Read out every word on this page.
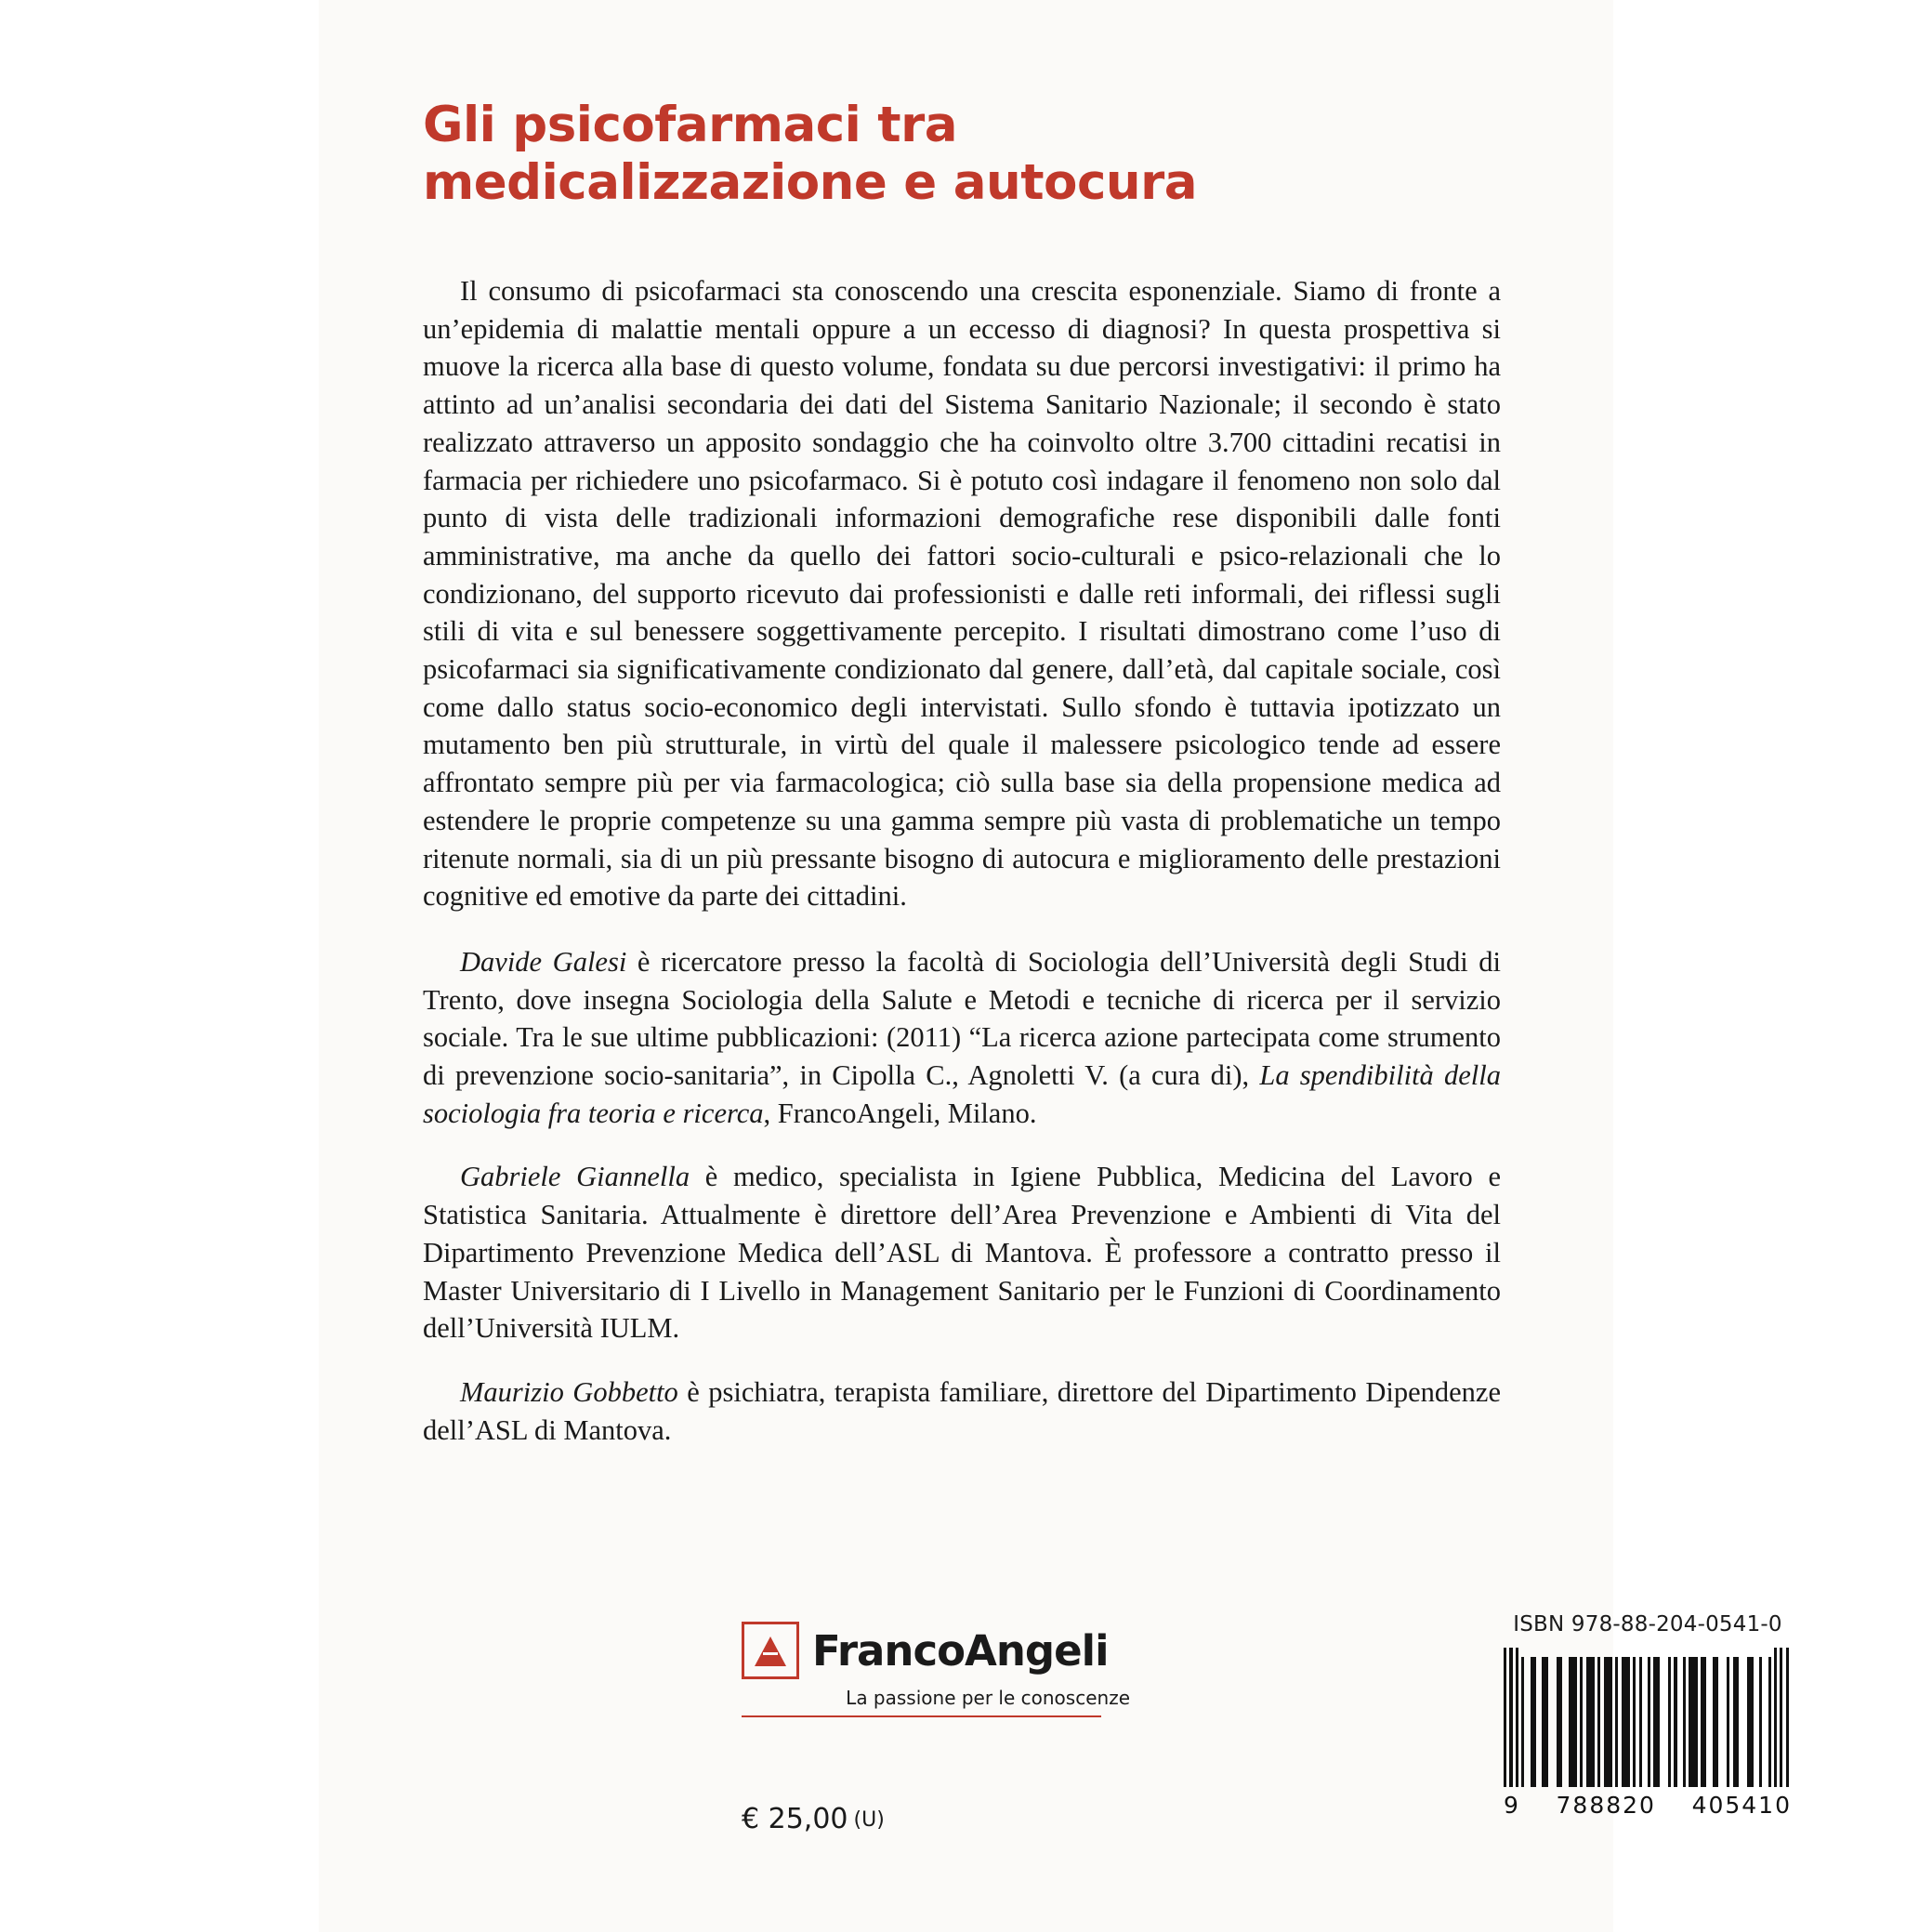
Gli psicofarmaci tra medicalizzazione e autocura

Il consumo di psicofarmaci sta conoscendo una crescita esponenziale. Siamo di fronte a un’epidemia di malattie mentali oppure a un eccesso di diagnosi? In questa prospettiva si muove la ricerca alla base di questo volume, fondata su due percorsi investigativi: il primo ha attinto ad un’analisi secondaria dei dati del Sistema Sanitario Nazionale; il secondo è stato realizzato attraverso un apposito sondaggio che ha coinvolto oltre 3.700 cittadini recatisi in farmacia per richiedere uno psicofarmaco. Si è potuto così indagare il fenomeno non solo dal punto di vista delle tradizionali informazioni demografiche rese disponibili dalle fonti amministrative, ma anche da quello dei fattori socio-culturali e psico-relazionali che lo condizionano, del supporto ricevuto dai professionisti e dalle reti informali, dei riflessi sugli stili di vita e sul benessere soggettivamente percepito. I risultati dimostrano come l’uso di psicofarmaci sia significativamente condizionato dal genere, dall’età, dal capitale sociale, così come dallo status socio-economico degli intervistati. Sullo sfondo è tuttavia ipotizzato un mutamento ben più strutturale, in virtù del quale il malessere psicologico tende ad essere affrontato sempre più per via farmacologica; ciò sulla base sia della propensione medica ad estendere le proprie competenze su una gamma sempre più vasta di problematiche un tempo ritenute normali, sia di un più pressante bisogno di autocura e miglioramento delle prestazioni cognitive ed emotive da parte dei cittadini.

Davide Galesi è ricercatore presso la facoltà di Sociologia dell’Università degli Studi di Trento, dove insegna Sociologia della Salute e Metodi e tecniche di ricerca per il servizio sociale. Tra le sue ultime pubblicazioni: (2011) “La ricerca azione partecipata come strumento di prevenzione socio-sanitaria”, in Cipolla C., Agnoletti V. (a cura di), La spendibilità della sociologia fra teoria e ricerca, FrancoAngeli, Milano.

Gabriele Giannella è medico, specialista in Igiene Pubblica, Medicina del Lavoro e Statistica Sanitaria. Attualmente è direttore dell’Area Prevenzione e Ambienti di Vita del Dipartimento Prevenzione Medica dell’ASL di Mantova. È professore a contratto presso il Master Universitario di I Livello in Management Sanitario per le Funzioni di Coordinamento dell’Università IULM.

Maurizio Gobbetto è psichiatra, terapista familiare, direttore del Dipartimento Dipendenze dell’ASL di Mantova.

FrancoAngeli
La passione per le conoscenze
€ 25,00 (U)
ISBN 978-88-204-0541-0
9 788820 405410
